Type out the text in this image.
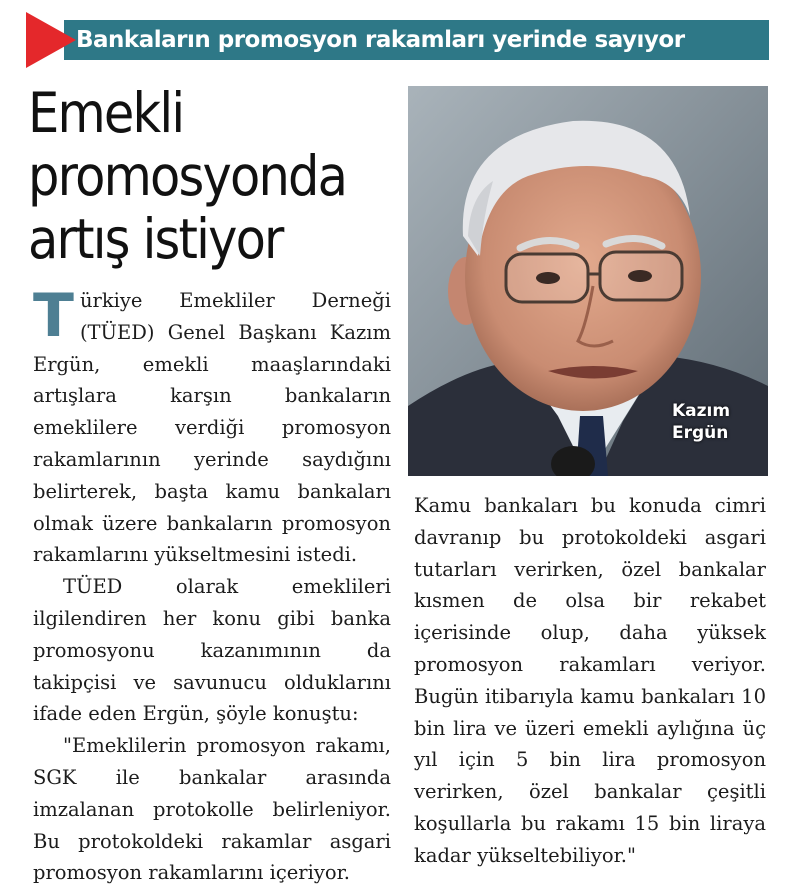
Bankaların promosyon rakamları yerinde sayıyor
Emekli
promosyonda
artış istiyor
Kazım
Ergün

Türkiye Emekliler Derneği (TÜED) Genel Başkanı Kazım Ergün, emekli maaşlarındaki artışlara karşın bankaların emeklilere verdiği promosyon rakamlarının yerinde saydığını belirterek, başta kamu bankaları olmak üzere bankaların promosyon rakamlarını yükseltmesini istedi.

TÜED olarak emeklileri ilgilendiren her konu gibi banka promosyonu kazanımının da takipçisi ve savunucu olduklarını ifade eden Ergün, şöyle konuştu:

"Emeklilerin promosyon rakamı, SGK ile bankalar arasında imzalanan protokolle belirleniyor. Bu protokoldeki rakamlar asgari promosyon rakamlarını içeriyor.

Kamu bankaları bu konuda cimri davranıp bu protokoldeki asgari tutarları verirken, özel bankalar kısmen de olsa bir rekabet içerisinde olup, daha yüksek promosyon rakamları veriyor. Bugün itibarıyla kamu bankaları 10 bin lira ve üzeri emekli aylığına üç yıl için 5 bin lira promosyon verirken, özel bankalar çeşitli koşullarla bu rakamı 15 bin liraya kadar yükseltebiliyor."
